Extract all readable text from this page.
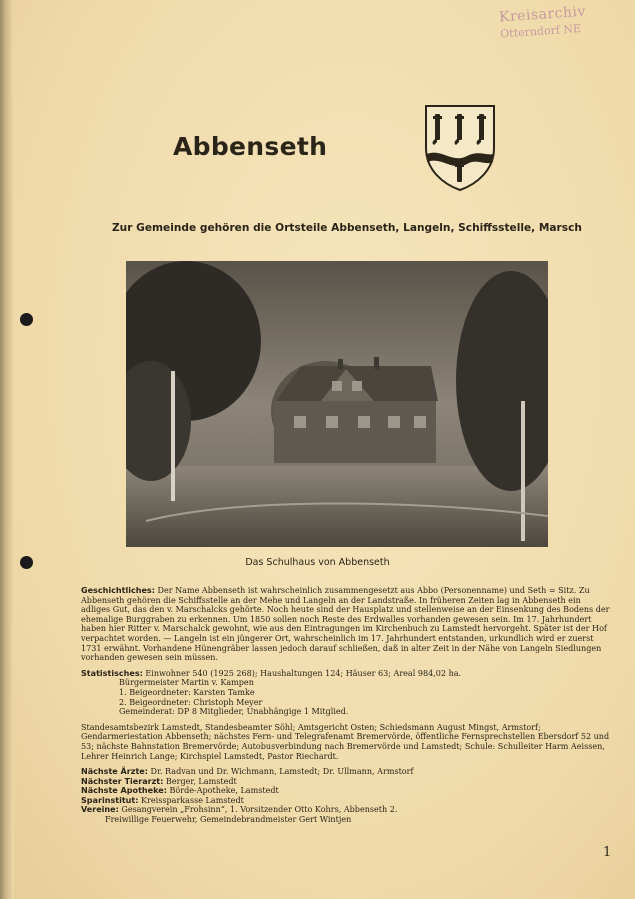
Kreisarchiv
Otterndorf NE
Abbenseth
Zur Gemeinde gehören die Ortsteile Abbenseth, Langeln, Schiffsstelle, Marsch
Das Schulhaus von Abbenseth

Geschichtliches: Der Name Abbenseth ist wahrscheinlich zusammengesetzt aus Abbo (Personenname) und Seth = Sitz. Zu Abbenseth gehören die Schiffsstelle an der Mehe und Langeln an der Landstraße. In früheren Zeiten lag in Abbenseth ein adliges Gut, das den v. Marschalcks gehörte. Noch heute sind der Hausplatz und stellenweise an der Einsenkung des Bodens der ehemalige Burggraben zu erkennen. Um 1850 sollen noch Reste des Erdwalles vorhanden gewesen sein. Im 17. Jahrhundert haben hier Ritter v. Marschalck gewohnt, wie aus den Eintragungen im Kirchenbuch zu Lamstedt hervorgeht. Später ist der Hof verpachtet worden. — Langeln ist ein jüngerer Ort, wahrscheinlich im 17. Jahrhundert entstanden, urkundlich wird er zuerst 1731 erwähnt. Vorhandene Hünengräber lassen jedoch darauf schließen, daß in alter Zeit in der Nähe von Langeln Siedlungen vorhanden gewesen sein müssen.

Statistisches: Einwohner 540 (1925 268); Haushaltungen 124; Häuser 63; Areal 984,02 ha.

Bürgermeister Martin v. Kampen

1. Beigeordneter: Karsten Tamke

2. Beigeordneter: Christoph Meyer

Gemeinderat: DP 8 Mitglieder, Unabhängige 1 Mitglied.

Standesamtsbezirk Lamstedt, Standesbeamter Söhl; Amtsgericht Osten; Schiedsmann August Mingst, Armstorf; Gendarmeriestation Abbenseth; nächstes Fern- und Telegrafenamt Bremervörde, öffentliche Fernsprechstellen Ebersdorf 52 und 53; nächste Bahnstation Bremervörde; Autobusverbindung nach Bremervörde und Lamstedt; Schule: Schulleiter Harm Aeissen, Lehrer Heinrich Lange; Kirchspiel Lamstedt, Pastor Riechardt.

Nächste Ärzte: Dr. Radvan und Dr. Wichmann, Lamstedt; Dr. Ullmann, Armstorf

Nächster Tierarzt: Berger, Lamstedt

Nächste Apotheke: Börde-Apotheke, Lamstedt

Sparinstitut: Kreissparkasse Lamstedt

Vereine: Gesangverein „Frohsinn“, 1. Vorsitzender Otto Kohrs, Abbenseth 2.

Freiwillige Feuerwehr, Gemeindebrandmeister Gert Wintjen

1
